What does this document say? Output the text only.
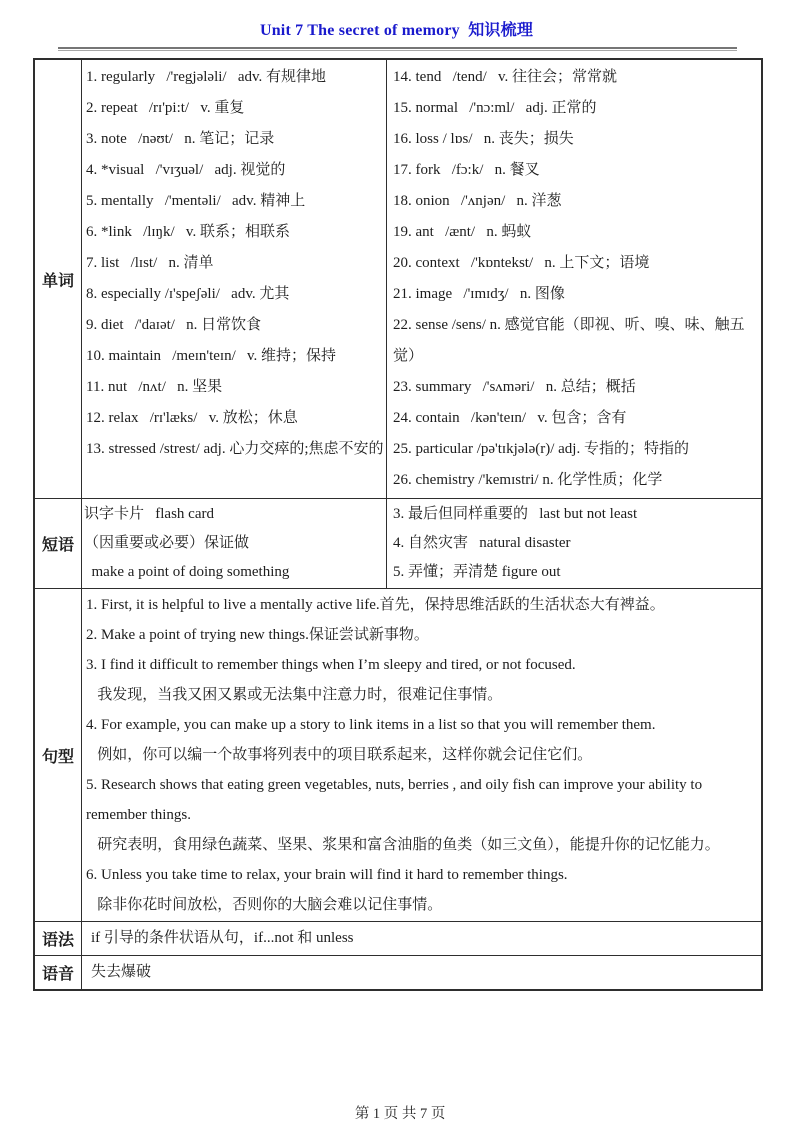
Unit 7 The secret of memory  知识梳理
单词
1. regularly   /'regjələli/   adv. 有规律地
2. repeat   /rɪ'pi:t/   v. 重复
3. note   /nəʊt/   n. 笔记；记录
4. *visual   /'vɪʒuəl/   adj. 视觉的
5. mentally   /'mentəli/   adv. 精神上
6. *link   /lɪŋk/   v. 联系；相联系
7. list   /lɪst/   n. 清单
8. especially /ɪ'speʃəli/   adv. 尤其
9. diet   /'daɪət/   n. 日常饮食
10. maintain   /meɪn'teɪn/   v. 维持；保持
11. nut   /nʌt/   n. 坚果
12. relax   /rɪ'læks/   v. 放松；休息
13. stressed /strest/ adj. 心力交瘁的;焦虑不安的
14. tend   /tend/   v. 往往会；常常就
15. normal   /'nɔ:ml/   adj. 正常的
16. loss / lɒs/   n. 丧失；损失
17. fork   /fɔ:k/   n. 餐叉
18. onion   /'ʌnjən/   n. 洋葱
19. ant   /ænt/   n. 蚂蚁
20. context   /'kɒntekst/   n. 上下文；语境
21. image   /'ɪmɪdʒ/   n. 图像
22. sense /sens/ n. 感觉官能（即视、听、嗅、味、触五觉）
23. summary   /'sʌməri/   n. 总结；概括
24. contain   /kən'teɪn/   v. 包含；含有
25. particular /pə'tɪkjələ(r)/ adj. 专指的；特指的
26. chemistry /'kemɪstri/ n. 化学性质；化学
短语
识字卡片   flash card
（因重要或必要）保证做
make a point of doing something
3. 最后但同样重要的   last but not least
4. 自然灾害   natural disaster
5. 弄懂；弄清楚 figure out
句型
1. First, it is helpful to live a mentally active life.首先，保持思维活跃的生活状态大有裨益。
2. Make a point of trying new things.保证尝试新事物。
3. I find it difficult to remember things when I’m sleepy and tired, or not focused.
我发现，当我又困又累或无法集中注意力时，很难记住事情。
4. For example, you can make up a story to link items in a list so that you will remember them.
例如，你可以编一个故事将列表中的项目联系起来，这样你就会记住它们。
5. Research shows that eating green vegetables, nuts, berries , and oily fish can improve your ability to
remember things.
研究表明，食用绿色蔬菜、坚果、浆果和富含油脂的鱼类（如三文鱼），能提升你的记忆能力。
6. Unless you take time to relax, your brain will find it hard to remember things.
除非你花时间放松，否则你的大脑会难以记住事情。
语法	if 引导的条件状语从句，if...not 和 unless
语音	失去爆破

第 1 页 共 7 页
